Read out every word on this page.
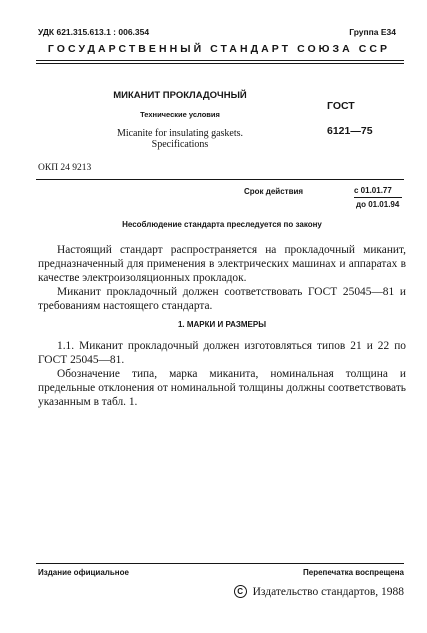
УДК 621.315.613.1 : 006.354	Группа Е34
ГОСУДАРСТВЕННЫЙ СТАНДАРТ СОЮЗА ССР
МИКАНИТ ПРОКЛАДОЧНЫЙ
Технические условия
Micanite for insulating gaskets.
Specifications
ГОСТ
6121—75
ОКП 24 9213
Срок действия	с 01.01.77
до 01.01.94
Несоблюдение стандарта преследуется по закону
Настоящий стандарт распространяется на прокладочный миканит, предназначенный для применения в электрических машинах и аппаратах в качестве электроизоляционных прокладок.
Миканит прокладочный должен соответствовать ГОСТ 25045—81 и требованиям настоящего стандарта.
1. МАРКИ И РАЗМЕРЫ
1.1. Миканит прокладочный должен изготовляться типов 21 и 22 по ГОСТ 25045—81.
Обозначение типа, марка миканита, номинальная толщина и предельные отклонения от номинальной толщины должны соответствовать указанным в табл. 1.
Издание официальное	Перепечатка воспрещена
C Издательство стандартов, 1988
